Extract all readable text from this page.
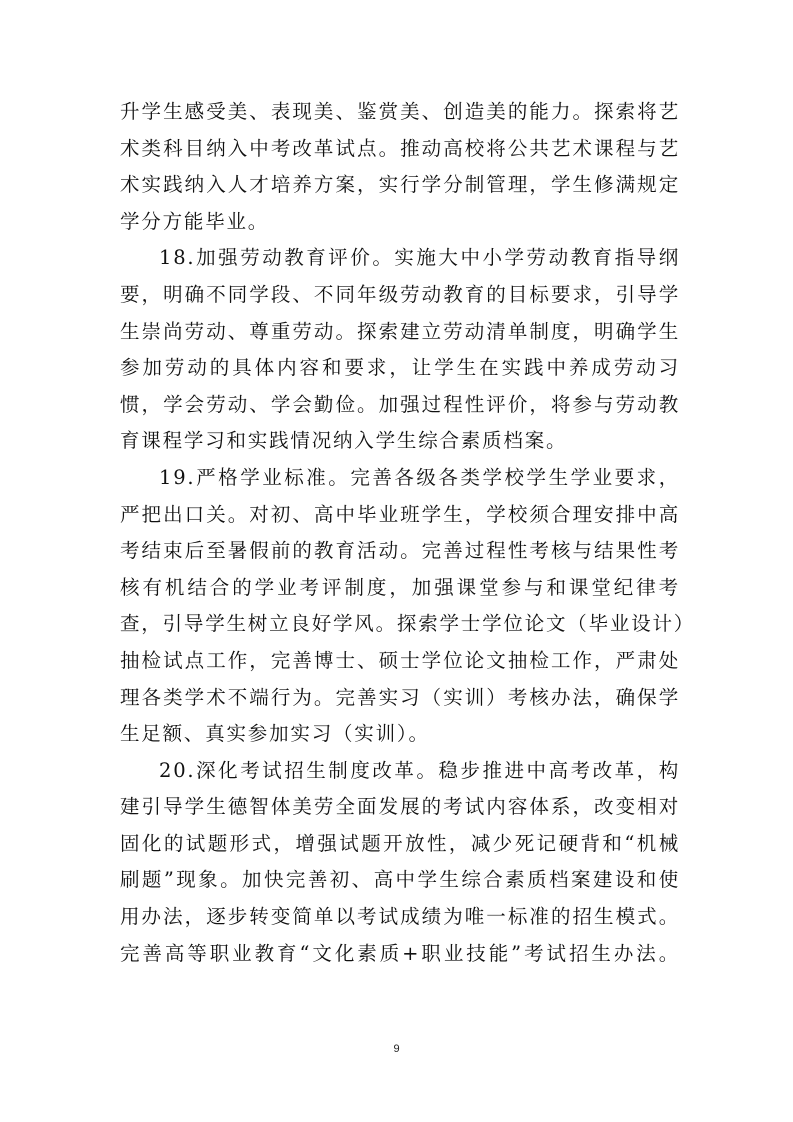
升学生感受美、表现美、鉴赏美、创造美的能力。探索将艺
术类科目纳入中考改革试点。推动高校将公共艺术课程与艺
术实践纳入人才培养方案，实行学分制管理，学生修满规定
学分方能毕业。
18.加强劳动教育评价。实施大中小学劳动教育指导纲
要，明确不同学段、不同年级劳动教育的目标要求，引导学
生崇尚劳动、尊重劳动。探索建立劳动清单制度，明确学生
参加劳动的具体内容和要求，让学生在实践中养成劳动习
惯，学会劳动、学会勤俭。加强过程性评价，将参与劳动教
育课程学习和实践情况纳入学生综合素质档案。
19.严格学业标准。完善各级各类学校学生学业要求，
严把出口关。对初、高中毕业班学生，学校须合理安排中高
考结束后至暑假前的教育活动。完善过程性考核与结果性考
核有机结合的学业考评制度，加强课堂参与和课堂纪律考
查，引导学生树立良好学风。探索学士学位论文（毕业设计）
抽检试点工作，完善博士、硕士学位论文抽检工作，严肃处
理各类学术不端行为。完善实习（实训）考核办法，确保学
生足额、真实参加实习（实训）。
20.深化考试招生制度改革。稳步推进中高考改革，构
建引导学生德智体美劳全面发展的考试内容体系，改变相对
固化的试题形式，增强试题开放性，减少死记硬背和“机械
刷题”现象。加快完善初、高中学生综合素质档案建设和使
用办法，逐步转变简单以考试成绩为唯一标准的招生模式。
完善高等职业教育“文化素质+职业技能”考试招生办法。
9
